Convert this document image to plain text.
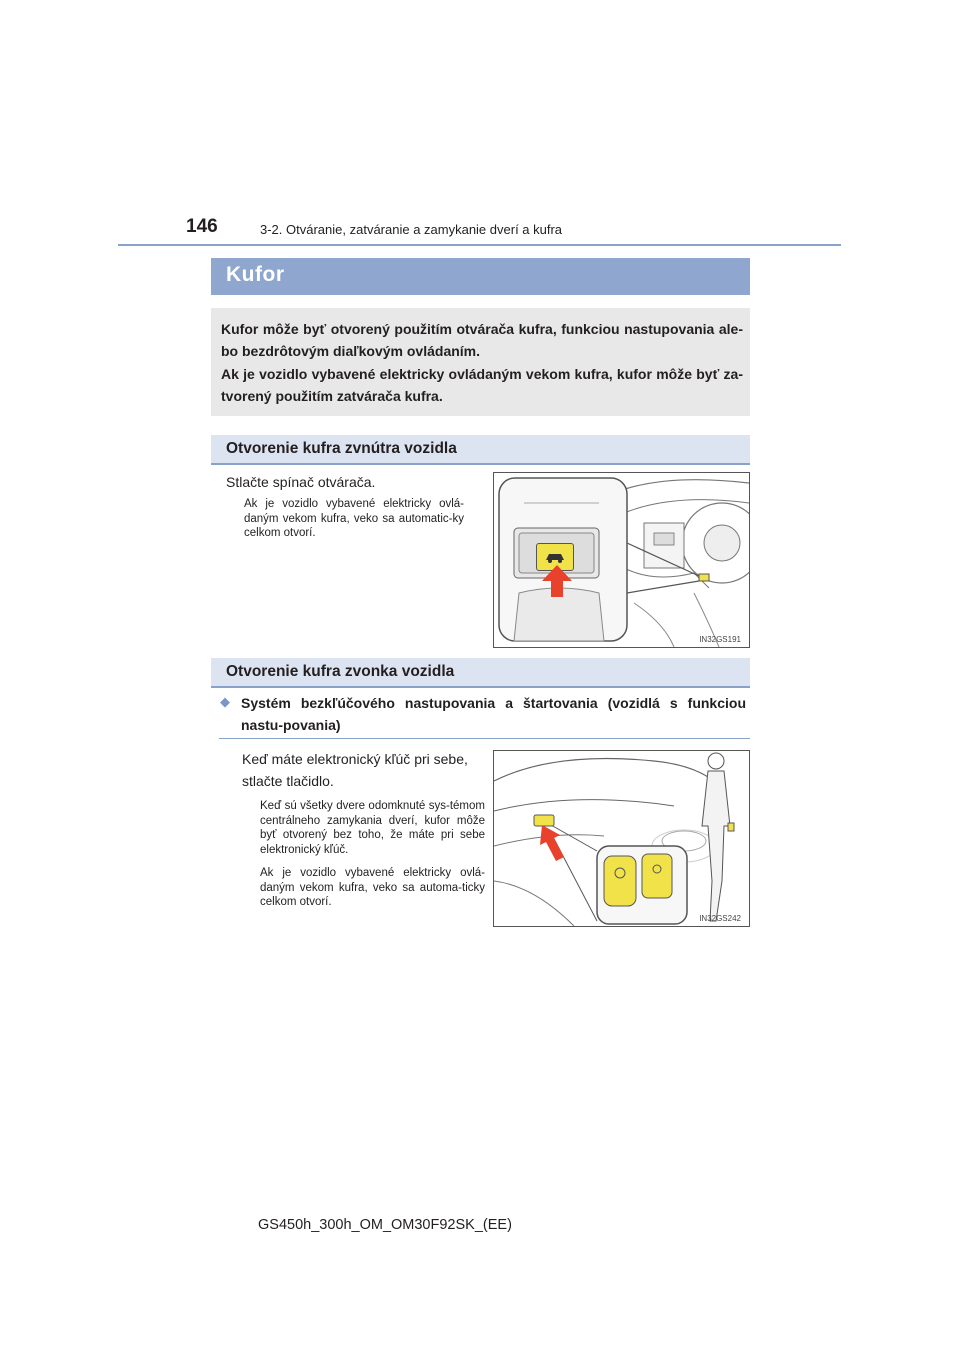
146	3-2. Otváranie, zatváranie a zamykanie dverí a kufra
Kufor
Kufor môže byť otvorený použitím otvárača kufra, funkciou nastupovania ale-bo bezdrôtovým diaľkovým ovládaním.
Ak je vozidlo vybavené elektricky ovládaným vekom kufra, kufor môže byť za-tvorený použitím zatvárača kufra.
Otvorenie kufra zvnútra vozidla
Stlačte spínač otvárača.
Ak je vozidlo vybavené elektricky ovlá-daným vekom kufra, veko sa automatic-ky celkom otvorí.
IN32GS191
Otvorenie kufra zvonka vozidla
◆ Systém bezkľúčového nastupovania a štartovania (vozidlá s funkciou nastu-povania)
Keď máte elektronický kľúč pri sebe, stlačte tlačidlo.
Keď sú všetky dvere odomknuté sys-témom centrálneho zamykania dverí, kufor môže byť otvorený bez toho, že máte pri sebe elektronický kľúč.
Ak je vozidlo vybavené elektricky ovlá-daným vekom kufra, veko sa automa-ticky celkom otvorí.
IN32GS242
GS450h_300h_OM_OM30F92SK_(EE)
